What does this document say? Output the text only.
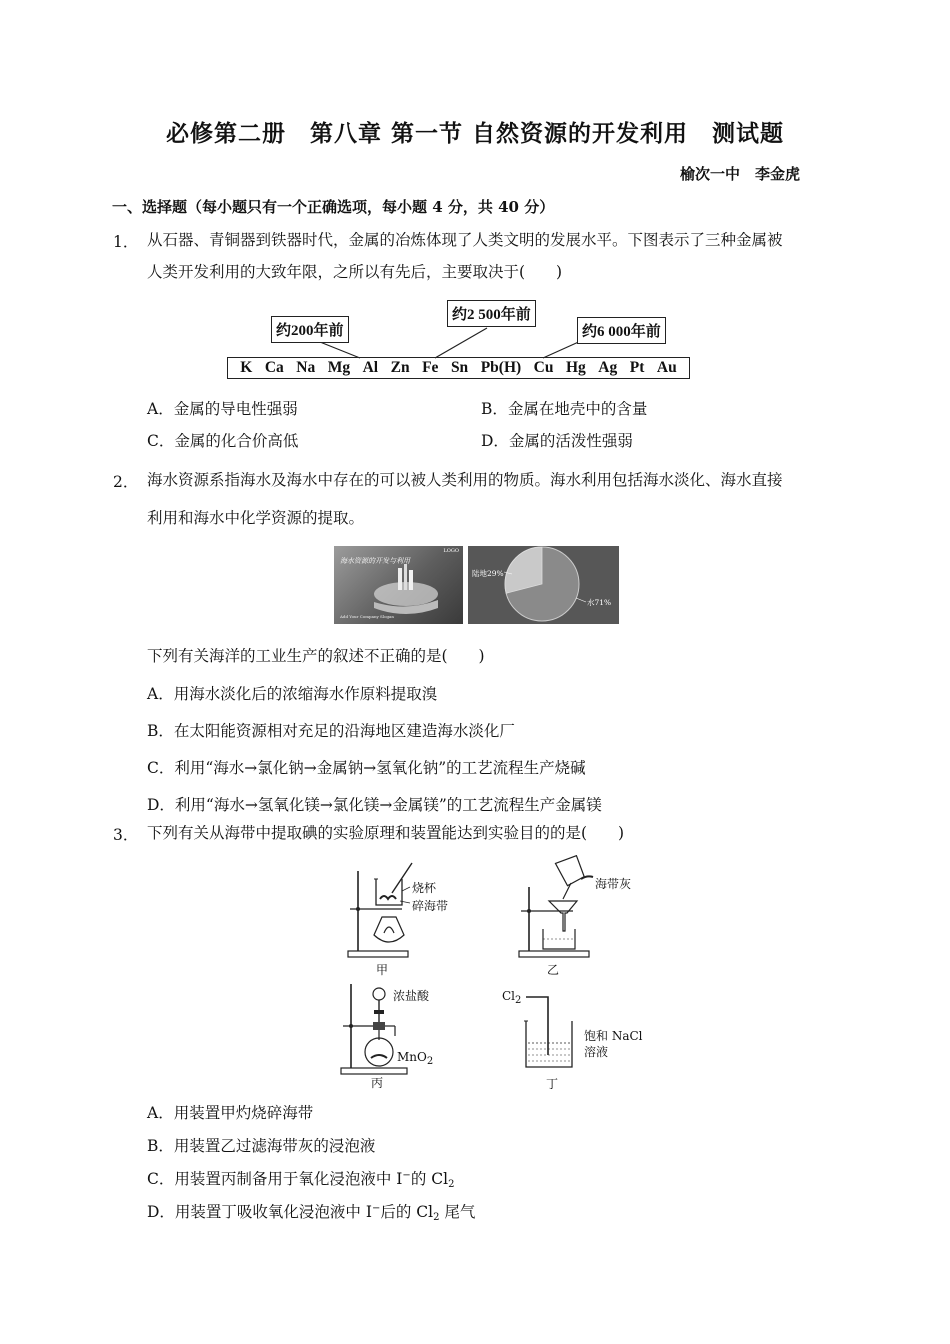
必修第二册　第八章 第一节 自然资源的开发利用　测试题
榆次一中　李金虎
一、选择题（每小题只有一个正确选项，每小题 4 分，共 40 分）
1． 从石器、青铜器到铁器时代，金属的冶炼体现了人类文明的发展水平。下图表示了三种金属被
人类开发利用的大致年限，之所以有先后，主要取决于(　　)
约200年前
约2 500年前
约6 000年前
K Ca Na Mg Al Zn Fe Sn Pb(H) Cu Hg Ag Pt Au
A．金属的导电性强弱	B．金属在地壳中的含量
C．金属的化合价高低	D．金属的活泼性强弱
2． 海水资源系指海水及海水中存在的可以被人类利用的物质。海水利用包括海水淡化、海水直接
利用和海水中化学资源的提取。
海水资源的开发与利用
LOGO
Add Your Company Slogan
陆地29%
水71%
下列有关海洋的工业生产的叙述不正确的是(　　)
A．用海水淡化后的浓缩海水作原料提取溴
B．在太阳能资源相对充足的沿海地区建造海水淡化厂
C．利用“海水→氯化钠→金属钠→氢氧化钠”的工艺流程生产烧碱
D．利用“海水→氢氧化镁→氯化镁→金属镁”的工艺流程生产金属镁
3． 下列有关从海带中提取碘的实验原理和装置能达到实验目的的是(　　)
烧杯
碎海带
甲
海带灰
乙
浓盐酸
MnO$_2$
丙
$Cl_2$
饱和 NaCl
溶液
丁
A．用装置甲灼烧碎海带
B．用装置乙过滤海带灰的浸泡液
C．用装置丙制备用于氧化浸泡液中 I−的 $Cl_2$
D．用装置丁吸收氧化浸泡液中 I−后的 $Cl_2$ 尾气
